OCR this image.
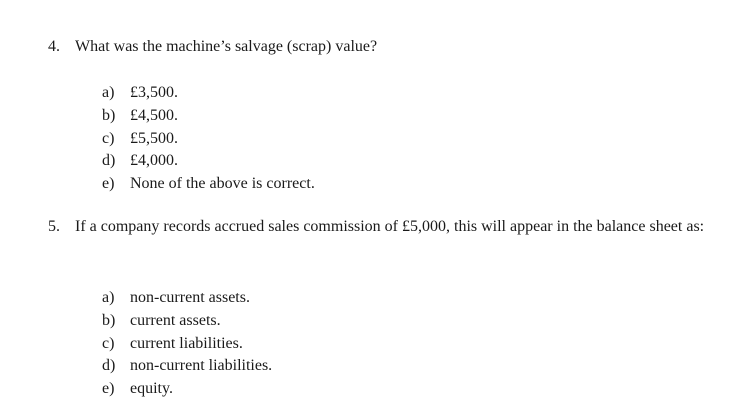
4. What was the machine’s salvage (scrap) value?
a) £3,500.
b) £4,500.
c) £5,500.
d) £4,000.
e) None of the above is correct.
5. If a company records accrued sales commission of £5,000, this will appear in the balance sheet as:
a) non-current assets.
b) current assets.
c) current liabilities.
d) non-current liabilities.
e) equity.
